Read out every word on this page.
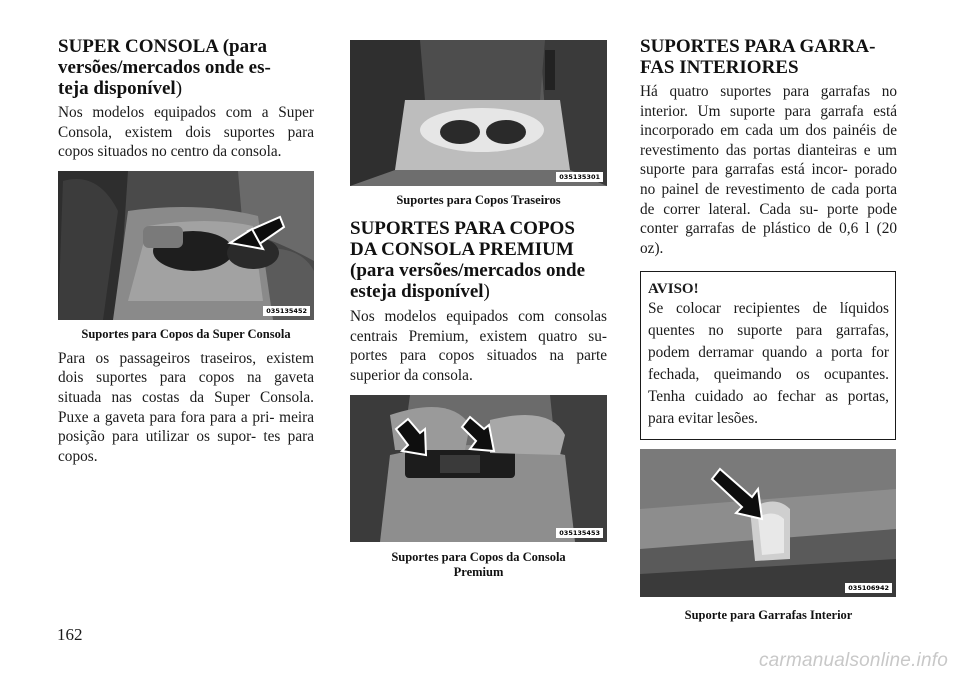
SUPER CONSOLA (para versões/mercados onde es- teja disponível)

Nos modelos equipados com a Super Consola, existem dois suportes para copos situados no centro da consola.

035135452
Suportes para Copos da Super Consola

Para os passageiros traseiros, existem dois suportes para copos na gaveta situada nas costas da Super Consola. Puxe a gaveta para fora para a pri- meira posição para utilizar os supor- tes para copos.

035135301
Suportes para Copos Traseiros
SUPORTES PARA COPOS DA CONSOLA PREMIUM (para versões/mercados onde esteja disponível)

Nos modelos equipados com consolas centrais Premium, existem quatro su- portes para copos situados na parte superior da consola.

035135453
Suportes para Copos da Consola Premium
SUPORTES PARA GARRA- FAS INTERIORES

Há quatro suportes para garrafas no interior. Um suporte para garrafa está incorporado em cada um dos painéis de revestimento das portas dianteiras e um suporte para garrafas está incor- porado no painel de revestimento de cada porta de correr lateral. Cada su- porte pode conter garrafas de plástico de 0,6 l (20 oz).

AVISO!

Se colocar recipientes de líquidos quentes no suporte para garrafas, podem derramar quando a porta for fechada, queimando os ocupantes. Tenha cuidado ao fechar as portas, para evitar lesões.

035106942
Suporte para Garrafas Interior
162
carmanualsonline.info
